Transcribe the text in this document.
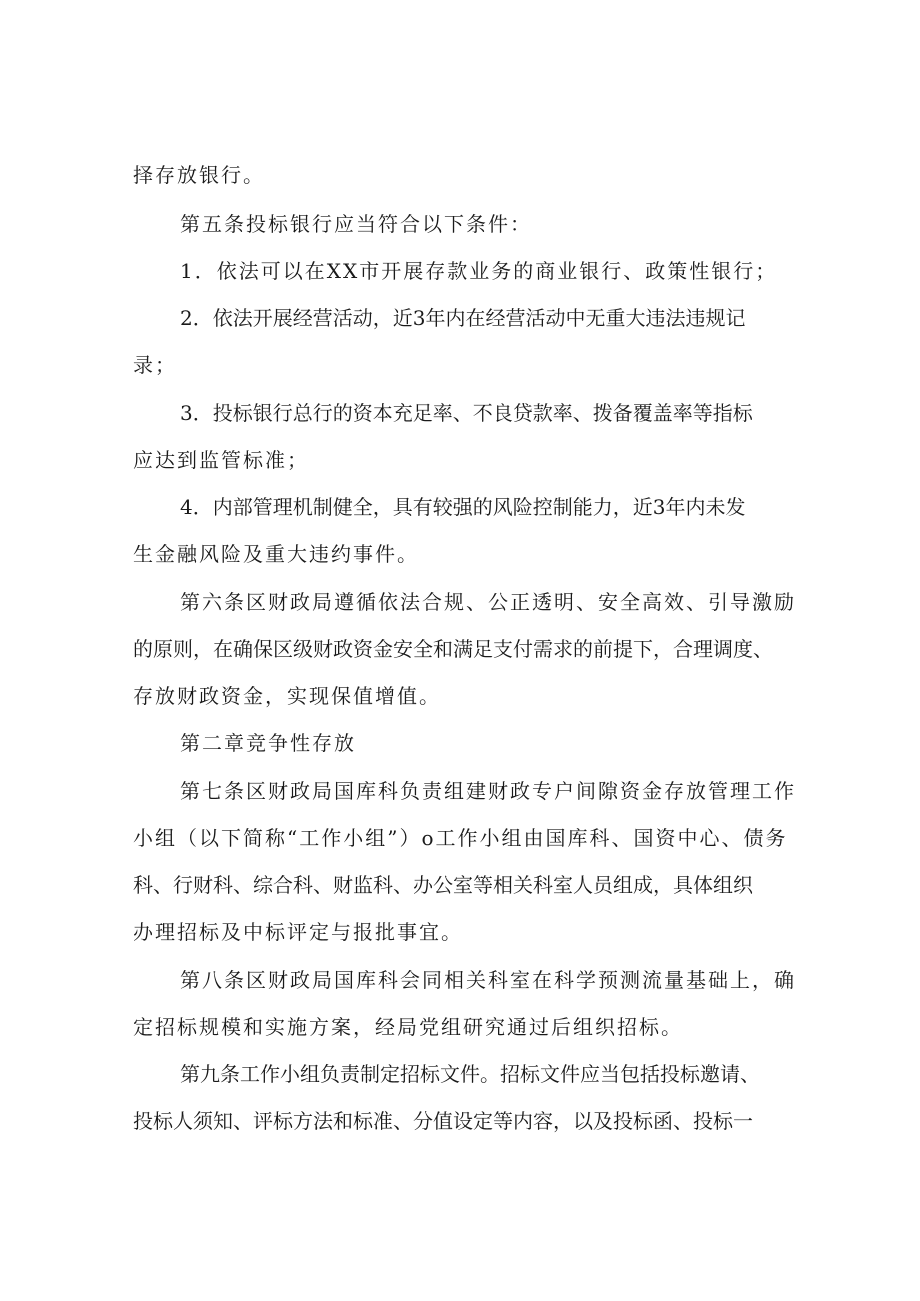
择存放银行。
第五条投标银行应当符合以下条件：
1．依法可以在XX市开展存款业务的商业银行、政策性银行；
2．依法开展经营活动，近3年内在经营活动中无重大违法违规记
录；
3．投标银行总行的资本充足率、不良贷款率、拨备覆盖率等指标
应达到监管标准；
4．内部管理机制健全，具有较强的风险控制能力，近3年内未发
生金融风险及重大违约事件。
第六条区财政局遵循依法合规、公正透明、安全高效、引导激励
的原则，在确保区级财政资金安全和满足支付需求的前提下，合理调度、
存放财政资金，实现保值增值。
第二章竞争性存放
第七条区财政局国库科负责组建财政专户间隙资金存放管理工作
小组（以下简称“工作小组”）o工作小组由国库科、国资中心、债务
科、行财科、综合科、财监科、办公室等相关科室人员组成，具体组织
办理招标及中标评定与报批事宜。
第八条区财政局国库科会同相关科室在科学预测流量基础上，确
定招标规模和实施方案，经局党组研究通过后组织招标。
第九条工作小组负责制定招标文件。招标文件应当包括投标邀请、
投标人须知、评标方法和标准、分值设定等内容，以及投标函、投标一
